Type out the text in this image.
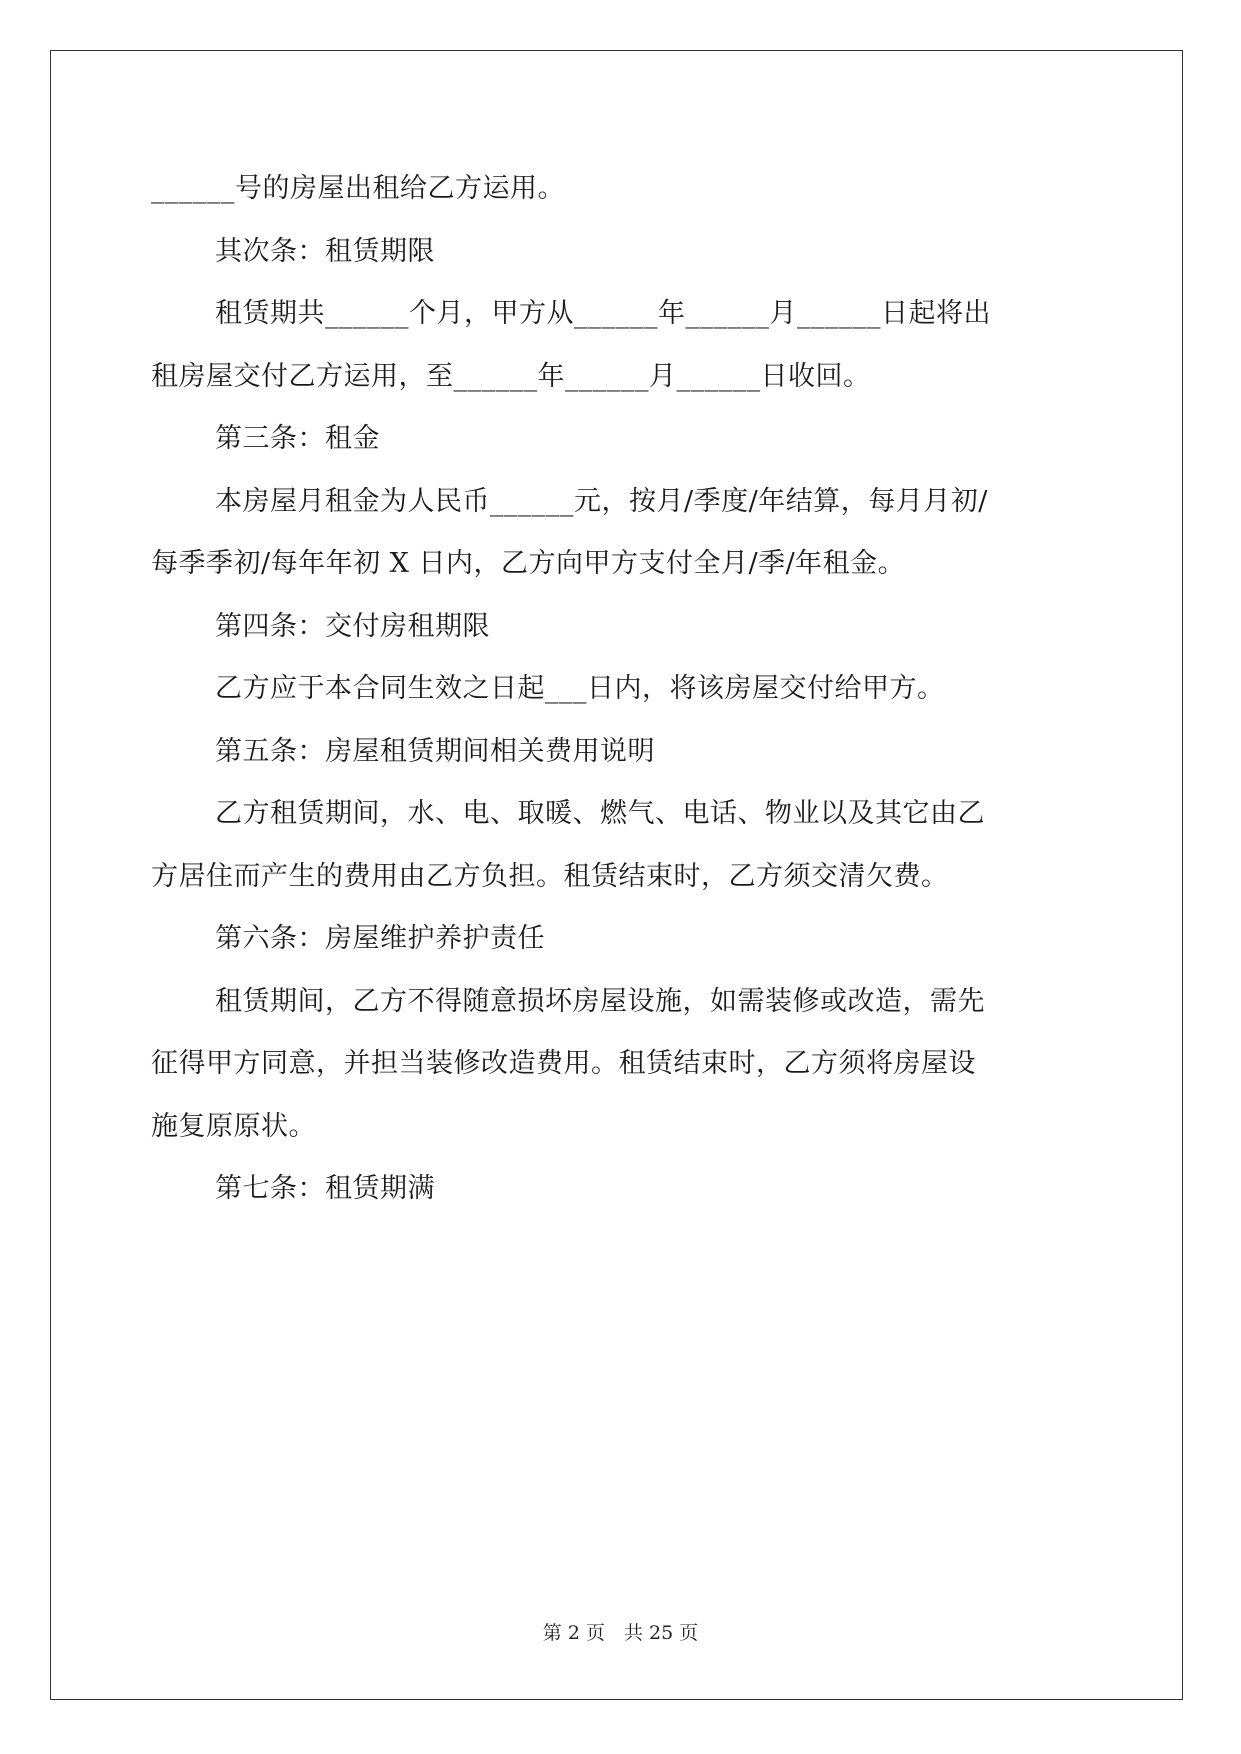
______号的房屋出租给乙方运用。
其次条：租赁期限
租赁期共______个月，甲方从______年______月______日起将出
租房屋交付乙方运用，至______年______月______日收回。
第三条：租金
本房屋月租金为人民币______元，按月/季度/年结算，每月月初/
每季季初/每年年初 X 日内，乙方向甲方支付全月/季/年租金。
第四条：交付房租期限
乙方应于本合同生效之日起___日内，将该房屋交付给甲方。
第五条：房屋租赁期间相关费用说明
乙方租赁期间，水、电、取暖、燃气、电话、物业以及其它由乙
方居住而产生的费用由乙方负担。租赁结束时，乙方须交清欠费。
第六条：房屋维护养护责任
租赁期间，乙方不得随意损坏房屋设施，如需装修或改造，需先
征得甲方同意，并担当装修改造费用。租赁结束时，乙方须将房屋设
施复原原状。
第七条：租赁期满
第 2 页　共 25 页
